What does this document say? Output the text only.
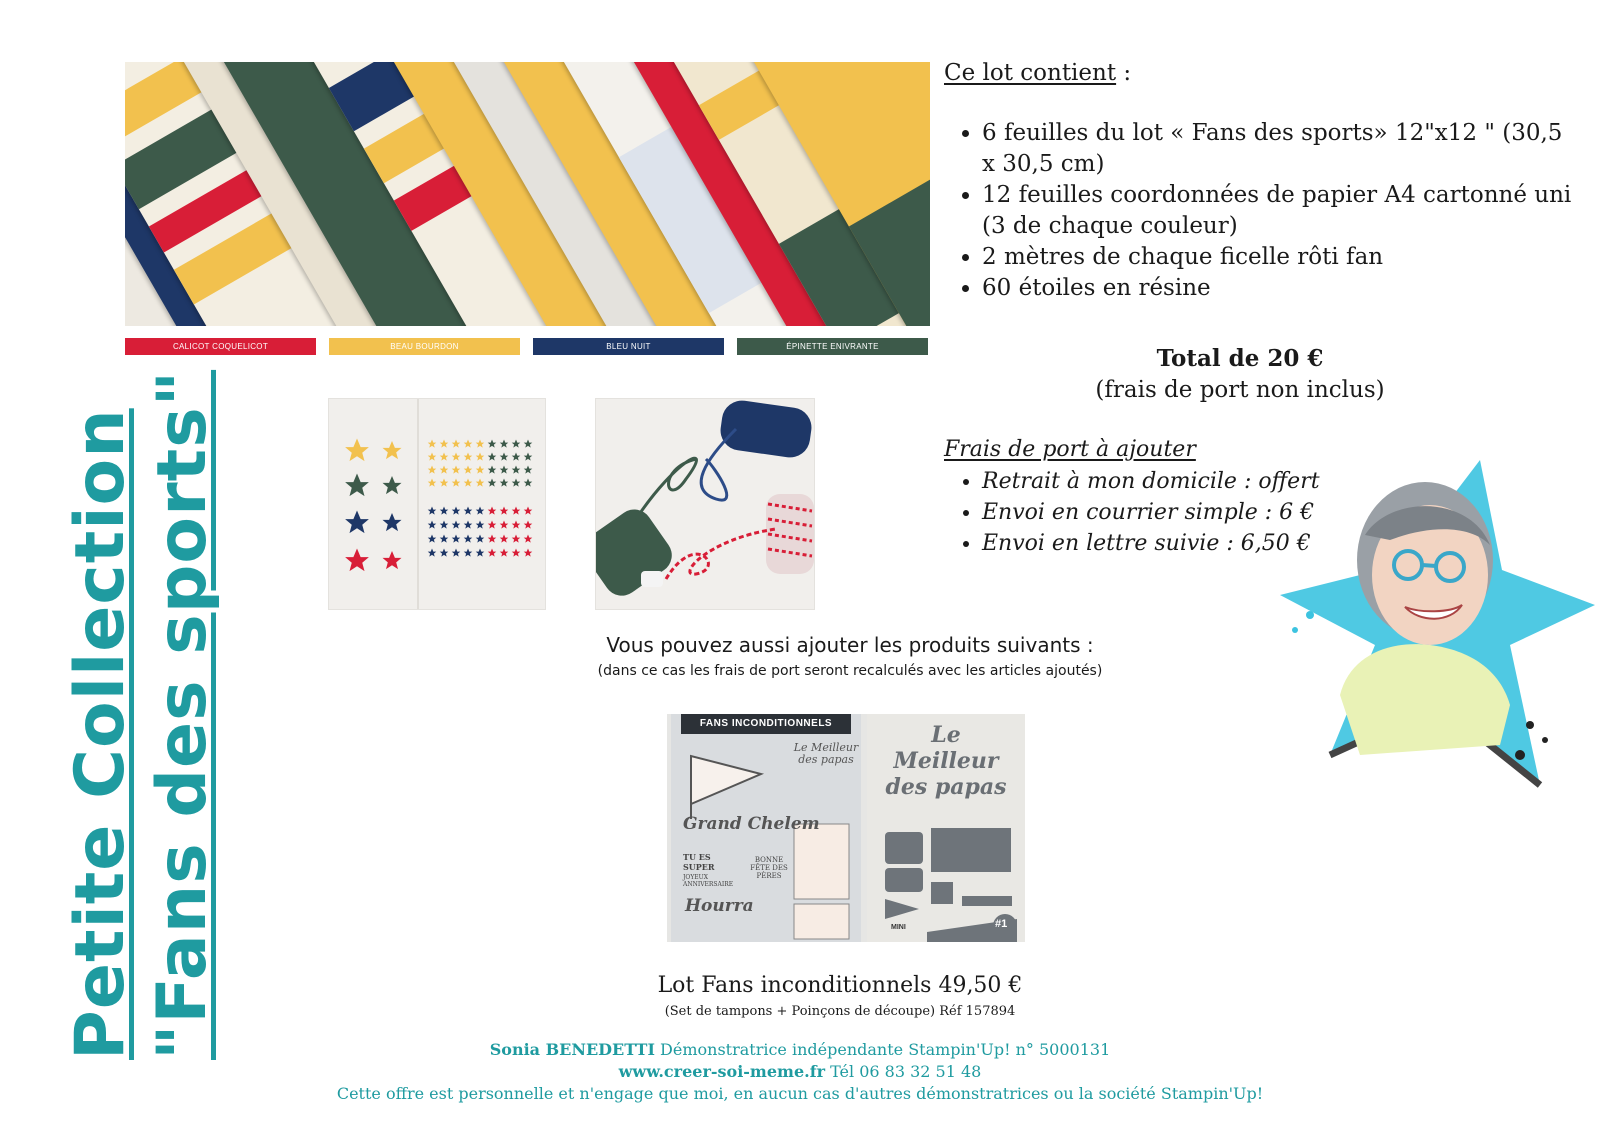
Petite Collection "Fans des sports"
CALICOT COQUELICOT	BEAU BOURDON	BLEU NUIT	ÉPINETTE ENIVRANTE
Ce lot contient :
• 6 feuilles du lot « Fans des sports» 12"x12 " (30,5 x 30,5 cm)
• 12 feuilles coordonnées de papier A4 cartonné uni (3 de chaque couleur)
• 2 mètres de chaque ficelle rôti fan
• 60 étoiles en résine
Total de 20 €
(frais de port non inclus)
Frais de port à ajouter
• Retrait à mon domicile : offert
• Envoi en courrier simple : 6 €
• Envoi en lettre suivie : 6,50 €
Vous pouvez aussi ajouter les produits suivants :
(dans ce cas les frais de port seront recalculés avec les articles ajoutés)
FANS INCONDITIONNELS
Le Meilleur des papas
Grand Chelem
TU ES SUPER
JOYEUX ANNIVERSAIRE
BONNE FÊTE DES PÈRES
Hourra
Le Meilleur des papas
#1
MINI
Lot Fans inconditionnels 49,50 €
(Set de tampons + Poinçons de découpe) Réf 157894
Sonia BENEDETTI Démonstratrice indépendante Stampin'Up! n° 5000131
www.creer-soi-meme.fr Tél 06 83 32 51 48
Cette offre est personnelle et n'engage que moi, en aucun cas d'autres démonstratrices ou la société Stampin'Up!
